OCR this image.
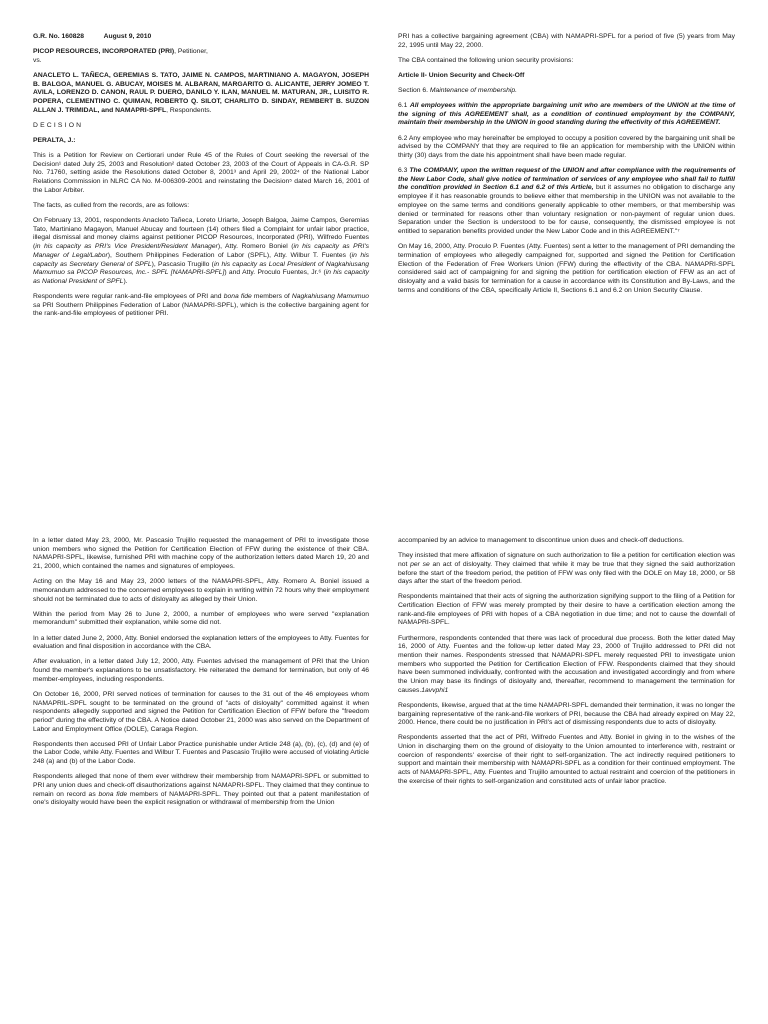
G.R. No. 160828	August 9, 2010
PICOP RESOURCES, INCORPORATED (PRI), Petitioner,
vs.

ANACLETO L. TAÑECA, GEREMIAS S. TATO, JAIME N. CAMPOS, MARTINIANO A. MAGAYON, JOSEPH B. BALGOA, MANUEL G. ABUCAY, MOISES M. ALBARAN, MARGARITO G. ALICANTE, JERRY JOMEO T. AVILA, LORENZO D. CANON, RAUL P. DUERO, DANILO Y. ILAN, MANUEL M. MATURAN, JR., LUISITO R. POPERA, CLEMENTINO C. QUIMAN, ROBERTO Q. SILOT, CHARLITO D. SINDAY, REMBERT B. SUZON ALLAN J. TRIMIDAL, and NAMAPRI-SPFL, Respondents.

DECISION

PERALTA, J.:

This is a Petition for Review on Certiorari under Rule 45 of the Rules of Court seeking the reversal of the Decision¹ dated July 25, 2003 and Resolution² dated October 23, 2003 of the Court of Appeals in CA-G.R. SP No. 71760, setting aside the Resolutions dated October 8, 2001³ and April 29, 2002⁴ of the National Labor Relations Commission in NLRC CA No. M-006309-2001 and reinstating the Decision⁵ dated March 16, 2001 of the Labor Arbiter.

The facts, as culled from the records, are as follows:

On February 13, 2001, respondents Anacleto Tañeca, Loreto Uriarte, Joseph Balgoa, Jaime Campos, Geremias Tato, Martiniano Magayon, Manuel Abucay and fourteen (14) others filed a Complaint for unfair labor practice, illegal dismissal and money claims against petitioner PICOP Resources, Incorporated (PRI), Wilfredo Fuentes (in his capacity as PRI's Vice President/Resident Manager), Atty. Romero Boniel (in his capacity as PRI's Manager of Legal/Labor), Southern Philippines Federation of Labor (SPFL), Atty. Wilbur T. Fuentes (in his capacity as Secretary General of SPFL), Pascasio Trugillo (in his capacity as Local President of Nagkahiusang Mamumuo sa PICOP Resources, Inc.- SPFL [NAMAPRI-SPFL]) and Atty. Proculo Fuentes, Jr.⁶ (in his capacity as National President of SPFL).

Respondents were regular rank-and-file employees of PRI and bona fide members of Nagkahiusang Mamumuo sa PRI Southern Philippines Federation of Labor (NAMAPRI-SPFL), which is the collective bargaining agent for the rank-and-file employees of petitioner PRI.

PRI has a collective bargaining agreement (CBA) with NAMAPRI-SPFL for a period of five (5) years from May 22, 1995 until May 22, 2000.

The CBA contained the following union security provisions:

Article II- Union Security and Check-Off

Section 6. Maintenance of membership.

6.1 All employees within the appropriate bargaining unit who are members of the UNION at the time of the signing of this AGREEMENT shall, as a condition of continued employment by the COMPANY, maintain their membership in the UNION in good standing during the effectivity of this AGREEMENT.

6.2 Any employee who may hereinafter be employed to occupy a position covered by the bargaining unit shall be advised by the COMPANY that they are required to file an application for membership with the UNION within thirty (30) days from the date his appointment shall have been made regular.

6.3 The COMPANY, upon the written request of the UNION and after compliance with the requirements of the New Labor Code, shall give notice of termination of services of any employee who shall fail to fulfill the condition provided in Section 6.1 and 6.2 of this Article, but it assumes no obligation to discharge any employee if it has reasonable grounds to believe either that membership in the UNION was not available to the employee on the same terms and conditions generally applicable to other members, or that membership was denied or terminated for reasons other than voluntary resignation or non-payment of regular union dues. Separation under the Section is understood to be for cause, consequently, the dismissed employee is not entitled to separation benefits provided under the New Labor Code and in this AGREEMENT."⁷

On May 16, 2000, Atty. Proculo P. Fuentes (Atty. Fuentes) sent a letter to the management of PRI demanding the termination of employees who allegedly campaigned for, supported and signed the Petition for Certification Election of the Federation of Free Workers Union (FFW) during the effectivity of the CBA. NAMAPRI-SPFL considered said act of campaigning for and signing the petition for certification election of FFW as an act of disloyalty and a valid basis for termination for a cause in accordance with its Constitution and By-Laws, and the terms and conditions of the CBA, specifically Article II, Sections 6.1 and 6.2 on Union Security Clause.

In a letter dated May 23, 2000, Mr. Pascasio Trujillo requested the management of PRI to investigate those union members who signed the Petition for Certification Election of FFW during the existence of their CBA. NAMAPRI-SPFL, likewise, furnished PRI with machine copy of the authorization letters dated March 19, 20 and 21, 2000, which contained the names and signatures of employees.

Acting on the May 16 and May 23, 2000 letters of the NAMAPRI-SPFL, Atty. Romero A. Boniel issued a memorandum addressed to the concerned employees to explain in writing within 72 hours why their employment should not be terminated due to acts of disloyalty as alleged by their Union.

Within the period from May 26 to June 2, 2000, a number of employees who were served "explanation memorandum" submitted their explanation, while some did not.

In a letter dated June 2, 2000, Atty. Boniel endorsed the explanation letters of the employees to Atty. Fuentes for evaluation and final disposition in accordance with the CBA.

After evaluation, in a letter dated July 12, 2000, Atty. Fuentes advised the management of PRI that the Union found the member's explanations to be unsatisfactory. He reiterated the demand for termination, but only of 46 member-employees, including respondents.

On October 16, 2000, PRI served notices of termination for causes to the 31 out of the 46 employees whom NAMAPRIL-SPFL sought to be terminated on the ground of "acts of disloyalty" committed against it when respondents allegedly supported and signed the Petition for Certification Election of FFW before the "freedom period" during the effectivity of the CBA. A Notice dated October 21, 2000 was also served on the Department of Labor and Employment Office (DOLE), Caraga Region.

Respondents then accused PRI of Unfair Labor Practice punishable under Article 248 (a), (b), (c), (d) and (e) of the Labor Code, while Atty. Fuentes and Wilbur T. Fuentes and Pascasio Trujillo were accused of violating Article 248 (a) and (b) of the Labor Code.

Respondents alleged that none of them ever withdrew their membership from NAMAPRI-SPFL or submitted to PRI any union dues and check-off disauthorizations against NAMAPRI-SPFL. They claimed that they continue to remain on record as bona fide members of NAMAPRI-SPFL. They pointed out that a patent manifestation of one's disloyalty would have been the explicit resignation or withdrawal of membership from the Union

accompanied by an advice to management to discontinue union dues and check-off deductions.

They insisted that mere affixation of signature on such authorization to file a petition for certification election was not per se an act of disloyalty. They claimed that while it may be true that they signed the said authorization before the start of the freedom period, the petition of FFW was only filed with the DOLE on May 18, 2000, or 58 days after the start of the freedom period.

Respondents maintained that their acts of signing the authorization signifying support to the filing of a Petition for Certification Election of FFW was merely prompted by their desire to have a certification election among the rank-and-file employees of PRI with hopes of a CBA negotiation in due time; and not to cause the downfall of NAMAPRI-SPFL.

Furthermore, respondents contended that there was lack of procedural due process. Both the letter dated May 16, 2000 of Atty. Fuentes and the follow-up letter dated May 23, 2000 of Trujillo addressed to PRI did not mention their names. Respondents stressed that NAMAPRI-SPFL merely requested PRI to investigate union members who supported the Petition for Certification Election of FFW. Respondents claimed that they should have been summoned individually, confronted with the accusation and investigated accordingly and from where the Union may base its findings of disloyalty and, thereafter, recommend to management the termination for causes.1avvphi1

Respondents, likewise, argued that at the time NAMAPRI-SPFL demanded their termination, it was no longer the bargaining representative of the rank-and-file workers of PRI, because the CBA had already expired on May 22, 2000. Hence, there could be no justification in PRI's act of dismissing respondents due to acts of disloyalty.

Respondents asserted that the act of PRI, Wilfredo Fuentes and Atty. Boniel in giving in to the wishes of the Union in discharging them on the ground of disloyalty to the Union amounted to interference with, restraint or coercion of respondents' exercise of their right to self-organization. The act indirectly required petitioners to support and maintain their membership with NAMAPRI-SPFL as a condition for their continued employment. The acts of NAMAPRI-SPFL, Atty. Fuentes and Trujillo amounted to actual restraint and coercion of the petitioners in the exercise of their rights to self-organization and constituted acts of unfair labor practice.
